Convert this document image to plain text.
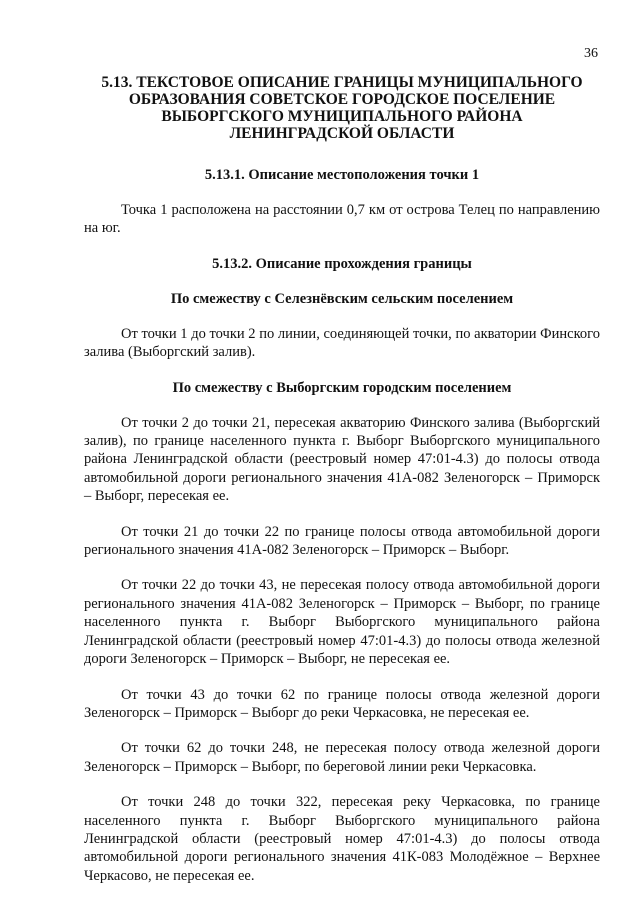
36
5.13. ТЕКСТОВОЕ ОПИСАНИЕ ГРАНИЦЫ МУНИЦИПАЛЬНОГО
ОБРАЗОВАНИЯ СОВЕТСКОЕ ГОРОДСКОЕ ПОСЕЛЕНИЕ
ВЫБОРГСКОГО МУНИЦИПАЛЬНОГО РАЙОНА
ЛЕНИНГРАДСКОЙ ОБЛАСТИ
5.13.1. Описание местоположения точки 1

Точка 1 расположена на расстоянии 0,7 км от острова Телец по направлению на юг.

5.13.2. Описание прохождения границы
По смежеству с Селезнёвским сельским поселением

От точки 1 до точки 2 по линии, соединяющей точки, по акватории Финского залива (Выборгский залив).

По смежеству с Выборгским городским поселением

От точки 2 до точки 21, пересекая акваторию Финского залива (Выборгский залив), по границе населенного пункта г. Выборг Выборгского муниципального района Ленинградской области (реестровый номер 47:01-4.3) до полосы отвода автомобильной дороги регионального значения 41А-082 Зеленогорск – Приморск – Выборг, пересекая ее.

От точки 21 до точки 22 по границе полосы отвода автомобильной дороги регионального значения 41А-082 Зеленогорск – Приморск – Выборг.

От точки 22 до точки 43, не пересекая полосу отвода автомобильной дороги регионального значения 41А-082 Зеленогорск – Приморск – Выборг, по границе населенного пункта г. Выборг Выборгского муниципального района Ленинградской области (реестровый номер 47:01-4.3) до полосы отвода железной дороги Зеленогорск – Приморск – Выборг, не пересекая ее.

От точки 43 до точки 62 по границе полосы отвода железной дороги Зеленогорск – Приморск – Выборг до реки Черкасовка, не пересекая ее.

От точки 62 до точки 248, не пересекая полосу отвода железной дороги Зеленогорск – Приморск – Выборг, по береговой линии реки Черкасовка.

От точки 248 до точки 322, пересекая реку Черкасовка, по границе населенного пункта г. Выборг Выборгского муниципального района Ленинградской области (реестровый номер 47:01-4.3) до полосы отвода автомобильной дороги регионального значения 41К-083 Молодёжное – Верхнее Черкасово, не пересекая ее.
